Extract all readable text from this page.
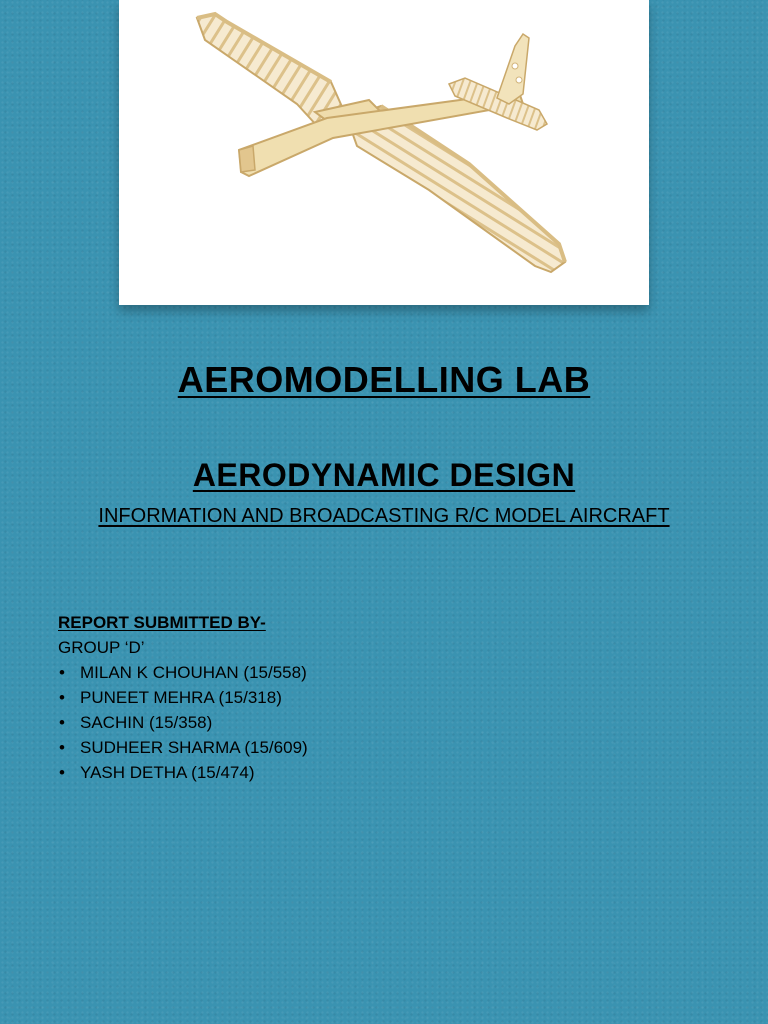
AEROMODELLING LAB
AERODYNAMIC DESIGN

INFORMATION AND BROADCASTING R/C MODEL AIRCRAFT

REPORT SUBMITTED BY-
GROUP ‘D’
• MILAN K CHOUHAN (15/558)
• PUNEET MEHRA (15/318)
• SACHIN (15/358)
• SUDHEER SHARMA (15/609)
• YASH DETHA (15/474)
